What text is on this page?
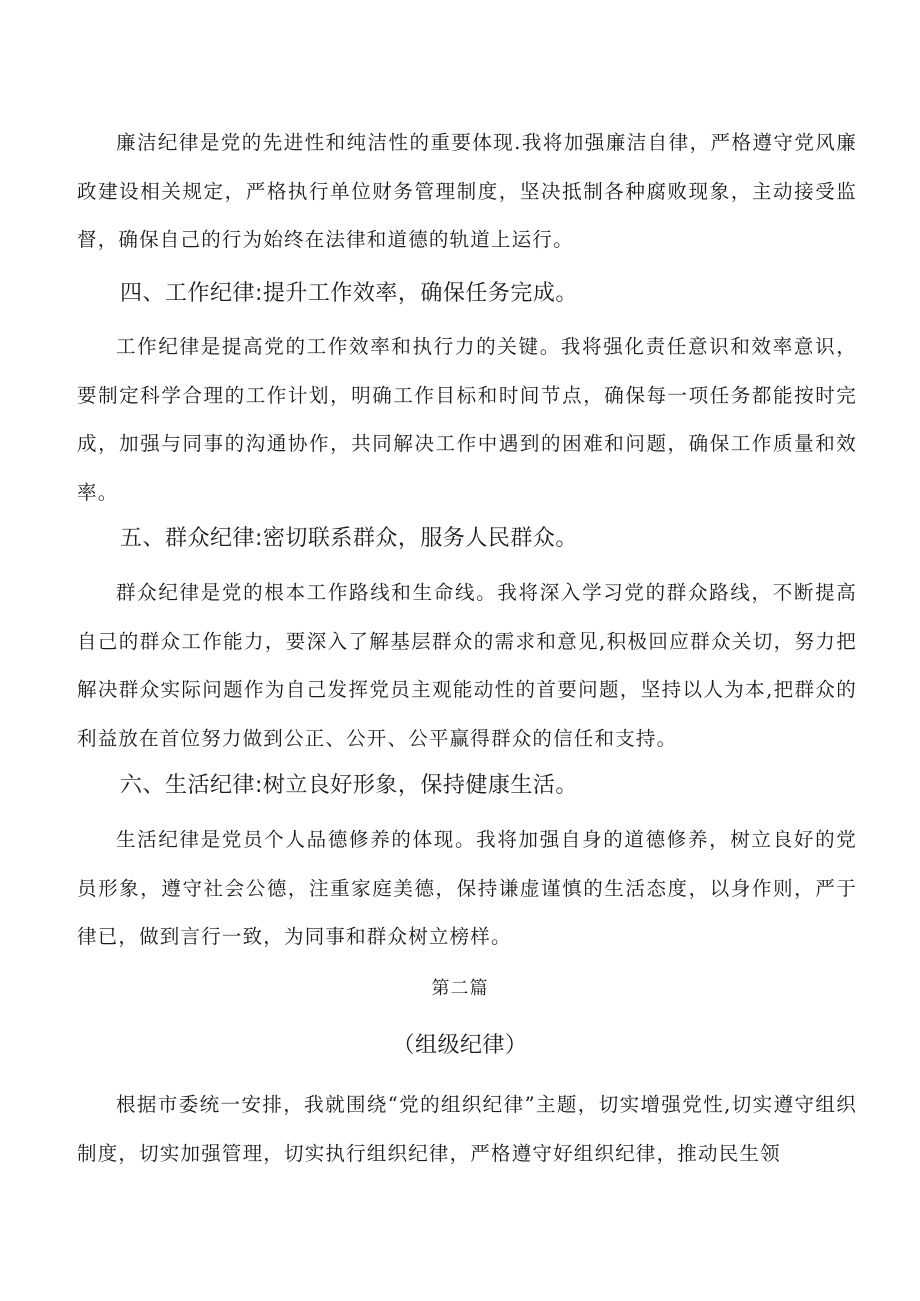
廉洁纪律是党的先进性和纯洁性的重要体现.我将加强廉洁自律，严格遵守党风廉政建设相关规定，严格执行单位财务管理制度，坚决抵制各种腐败现象，主动接受监督，确保自己的行为始终在法律和道德的轨道上运行。

四、工作纪律:提升工作效率，确保任务完成。

工作纪律是提高党的工作效率和执行力的关键。我将强化责任意识和效率意识，要制定科学合理的工作计划，明确工作目标和时间节点，确保每一项任务都能按时完成，加强与同事的沟通协作，共同解决工作中遇到的困难和问题，确保工作质量和效率。

五、群众纪律:密切联系群众，服务人民群众。

群众纪律是党的根本工作路线和生命线。我将深入学习党的群众路线，不断提高自己的群众工作能力，要深入了解基层群众的需求和意见,积极回应群众关切，努力把解决群众实际问题作为自己发挥党员主观能动性的首要问题，坚持以人为本,把群众的利益放在首位努力做到公正、公开、公平赢得群众的信任和支持。

六、生活纪律:树立良好形象，保持健康生活。

生活纪律是党员个人品德修养的体现。我将加强自身的道德修养，树立良好的党员形象，遵守社会公德，注重家庭美德，保持谦虚谨慎的生活态度，以身作则，严于律已，做到言行一致，为同事和群众树立榜样。

第二篇
（组级纪律）

根据市委统一安排，我就围绕“党的组织纪律”主题，切实增强党性,切实遵守组织制度，切实加强管理，切实执行组织纪律，严格遵守好组织纪律，推动民生领
